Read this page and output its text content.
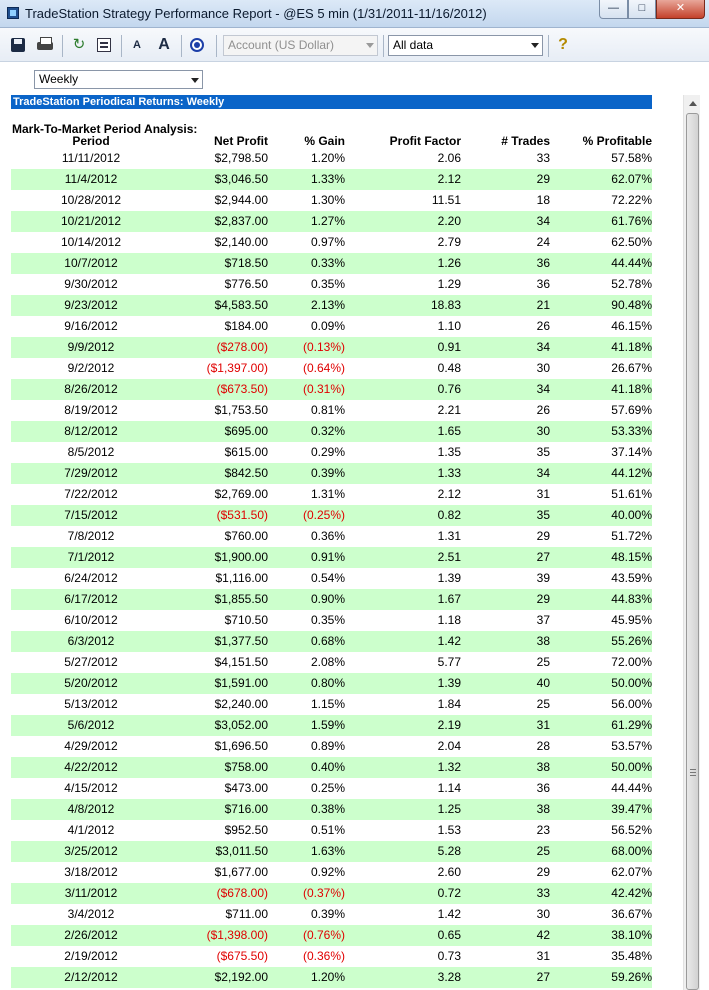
TradeStation Strategy Performance Report - @ES 5 min (1/31/2011-11/16/2012)	—	□	✕
↻	A	A	?
Account (US Dollar)	All data
Weekly
TradeStation Periodical Returns: Weekly
Mark-To-Market Period Analysis:
Period	Net Profit	% Gain	Profit Factor	# Trades	% Profitable
11/11/2012	$2,798.50	1.20%	2.06	33	57.58%
11/4/2012	$3,046.50	1.33%	2.12	29	62.07%
10/28/2012	$2,944.00	1.30%	11.51	18	72.22%
10/21/2012	$2,837.00	1.27%	2.20	34	61.76%
10/14/2012	$2,140.00	0.97%	2.79	24	62.50%
10/7/2012	$718.50	0.33%	1.26	36	44.44%
9/30/2012	$776.50	0.35%	1.29	36	52.78%
9/23/2012	$4,583.50	2.13%	18.83	21	90.48%
9/16/2012	$184.00	0.09%	1.10	26	46.15%
9/9/2012	($278.00)	(0.13%)	0.91	34	41.18%
9/2/2012	($1,397.00)	(0.64%)	0.48	30	26.67%
8/26/2012	($673.50)	(0.31%)	0.76	34	41.18%
8/19/2012	$1,753.50	0.81%	2.21	26	57.69%
8/12/2012	$695.00	0.32%	1.65	30	53.33%
8/5/2012	$615.00	0.29%	1.35	35	37.14%
7/29/2012	$842.50	0.39%	1.33	34	44.12%
7/22/2012	$2,769.00	1.31%	2.12	31	51.61%
7/15/2012	($531.50)	(0.25%)	0.82	35	40.00%
7/8/2012	$760.00	0.36%	1.31	29	51.72%
7/1/2012	$1,900.00	0.91%	2.51	27	48.15%
6/24/2012	$1,116.00	0.54%	1.39	39	43.59%
6/17/2012	$1,855.50	0.90%	1.67	29	44.83%
6/10/2012	$710.50	0.35%	1.18	37	45.95%
6/3/2012	$1,377.50	0.68%	1.42	38	55.26%
5/27/2012	$4,151.50	2.08%	5.77	25	72.00%
5/20/2012	$1,591.00	0.80%	1.39	40	50.00%
5/13/2012	$2,240.00	1.15%	1.84	25	56.00%
5/6/2012	$3,052.00	1.59%	2.19	31	61.29%
4/29/2012	$1,696.50	0.89%	2.04	28	53.57%
4/22/2012	$758.00	0.40%	1.32	38	50.00%
4/15/2012	$473.00	0.25%	1.14	36	44.44%
4/8/2012	$716.00	0.38%	1.25	38	39.47%
4/1/2012	$952.50	0.51%	1.53	23	56.52%
3/25/2012	$3,011.50	1.63%	5.28	25	68.00%
3/18/2012	$1,677.00	0.92%	2.60	29	62.07%
3/11/2012	($678.00)	(0.37%)	0.72	33	42.42%
3/4/2012	$711.00	0.39%	1.42	30	36.67%
2/26/2012	($1,398.00)	(0.76%)	0.65	42	38.10%
2/19/2012	($675.50)	(0.36%)	0.73	31	35.48%
2/12/2012	$2,192.00	1.20%	3.28	27	59.26%
